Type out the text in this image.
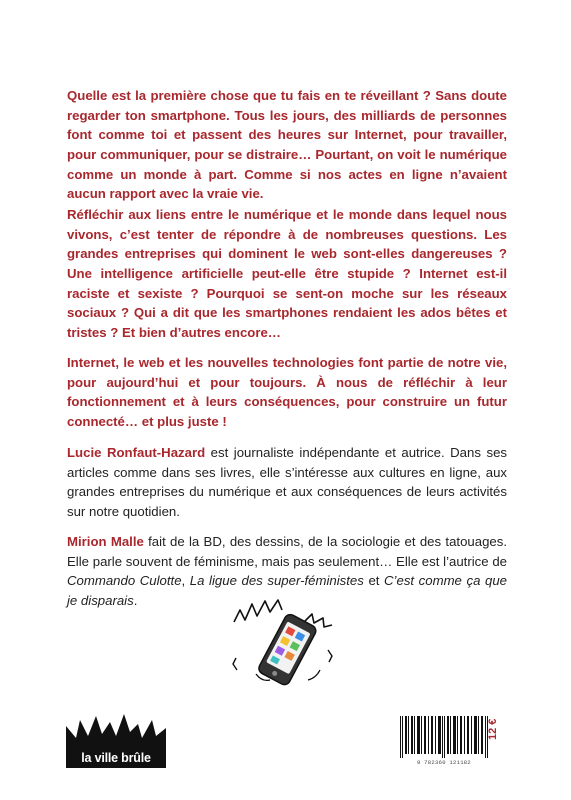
Quelle est la première chose que tu fais en te réveillant ? Sans doute regarder ton smartphone. Tous les jours, des milliards de personnes font comme toi et passent des heures sur Internet, pour travailler, pour communiquer, pour se distraire… Pourtant, on voit le numérique comme un monde à part. Comme si nos actes en ligne n’avaient aucun rapport avec la vraie vie.

Réfléchir aux liens entre le numérique et le monde dans lequel nous vivons, c’est tenter de répondre à de nombreuses questions. Les grandes entreprises qui dominent le web sont-elles dangereuses ? Une intelligence artificielle peut-elle être stupide ? Internet est-il raciste et sexiste ? Pourquoi se sent-on moche sur les réseaux sociaux ? Qui a dit que les smartphones rendaient les ados bêtes et tristes ? Et bien d’autres encore…

Internet, le web et les nouvelles technologies font partie de notre vie, pour aujourd’hui et pour toujours. À nous de réfléchir à leur fonctionnement et à leurs conséquences, pour construire un futur connecté… et plus juste !

Lucie Ronfaut-Hazard est journaliste indépendante et autrice. Dans ses articles comme dans ses livres, elle s’intéresse aux cultures en ligne, aux grandes entreprises du numérique et aux conséquences de leurs activités sur notre quotidien.

Mirion Malle fait de la BD, des dessins, de la sociologie et des tatouages. Elle parle souvent de féminisme, mais pas seulement… Elle est l’autrice de Commando Culotte, La ligue des super-féministes et C’est comme ça que je disparais.

la ville brûle	9 782360 121182
12 €
